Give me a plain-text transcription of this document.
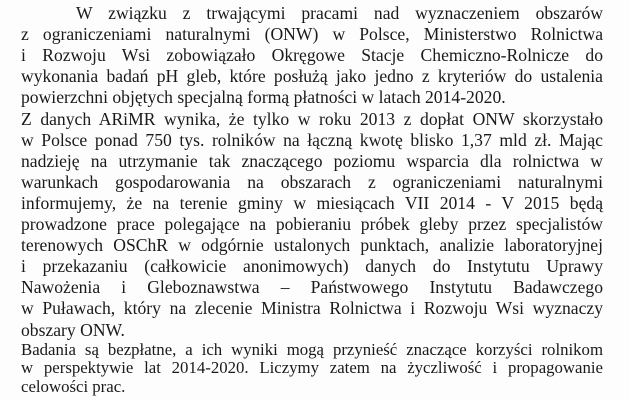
W związku z trwającymi pracami nad wyznaczeniem obszarów
z ograniczeniami naturalnymi (ONW) w Polsce, Ministerstwo Rolnictwa
i Rozwoju Wsi zobowiązało Okręgowe Stacje Chemiczno-Rolnicze do
wykonania badań pH gleb, które posłużą jako jedno z kryteriów do ustalenia
powierzchni objętych specjalną formą płatności w latach 2014-2020.
Z danych ARiMR wynika, że tylko w roku 2013 z dopłat ONW skorzystało
w Polsce ponad 750 tys. rolników na łączną kwotę blisko 1,37 mld zł. Mając
nadzieję na utrzymanie tak znaczącego poziomu wsparcia dla rolnictwa w
warunkach gospodarowania na obszarach z ograniczeniami naturalnymi
informujemy, że na terenie gminy w miesiącach VII 2014 - V 2015 będą
prowadzone prace polegające na pobieraniu próbek gleby przez specjalistów
terenowych OSChR w odgórnie ustalonych punktach, analizie laboratoryjnej
i przekazaniu (całkowicie anonimowych) danych do Instytutu Uprawy
Nawożenia i Gleboznawstwa – Państwowego Instytutu Badawczego
w Puławach, który na zlecenie Ministra Rolnictwa i Rozwoju Wsi wyznaczy
obszary ONW.
Badania są bezpłatne, a ich wyniki mogą przynieść znaczące korzyści rolnikom
w perspektywie lat 2014-2020. Liczymy zatem na życzliwość i propagowanie
celowości prac.
